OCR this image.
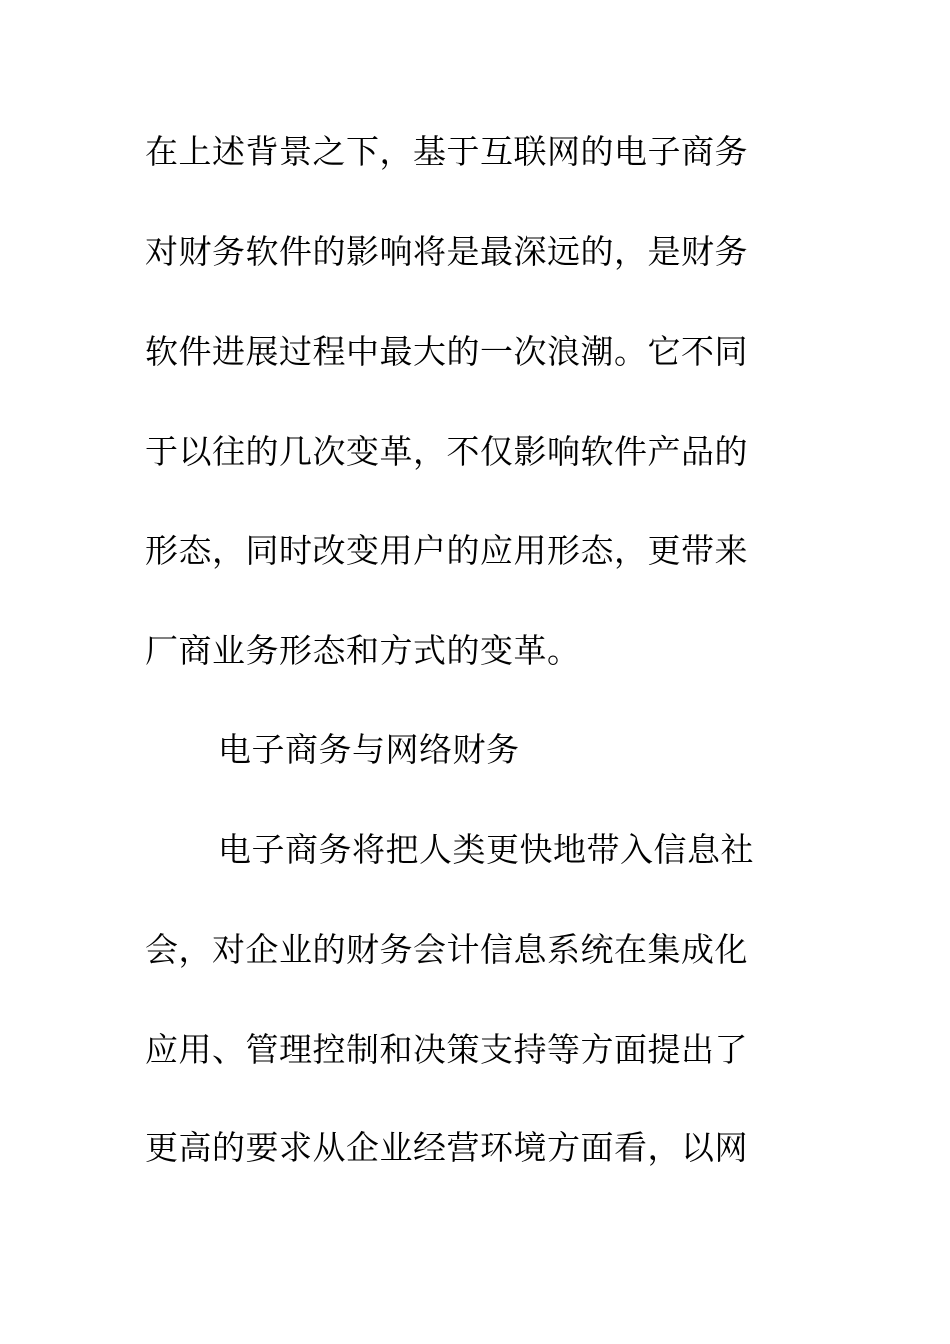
在上述背景之下，基于互联网的电子商务
对财务软件的影响将是最深远的，是财务
软件进展过程中最大的一次浪潮。它不同
于以往的几次变革，不仅影响软件产品的
形态，同时改变用户的应用形态，更带来
厂商业务形态和方式的变革。
电子商务与网络财务
电子商务将把人类更快地带入信息社
会，对企业的财务会计信息系统在集成化
应用、管理控制和决策支持等方面提出了
更高的要求从企业经营环境方面看，以网
